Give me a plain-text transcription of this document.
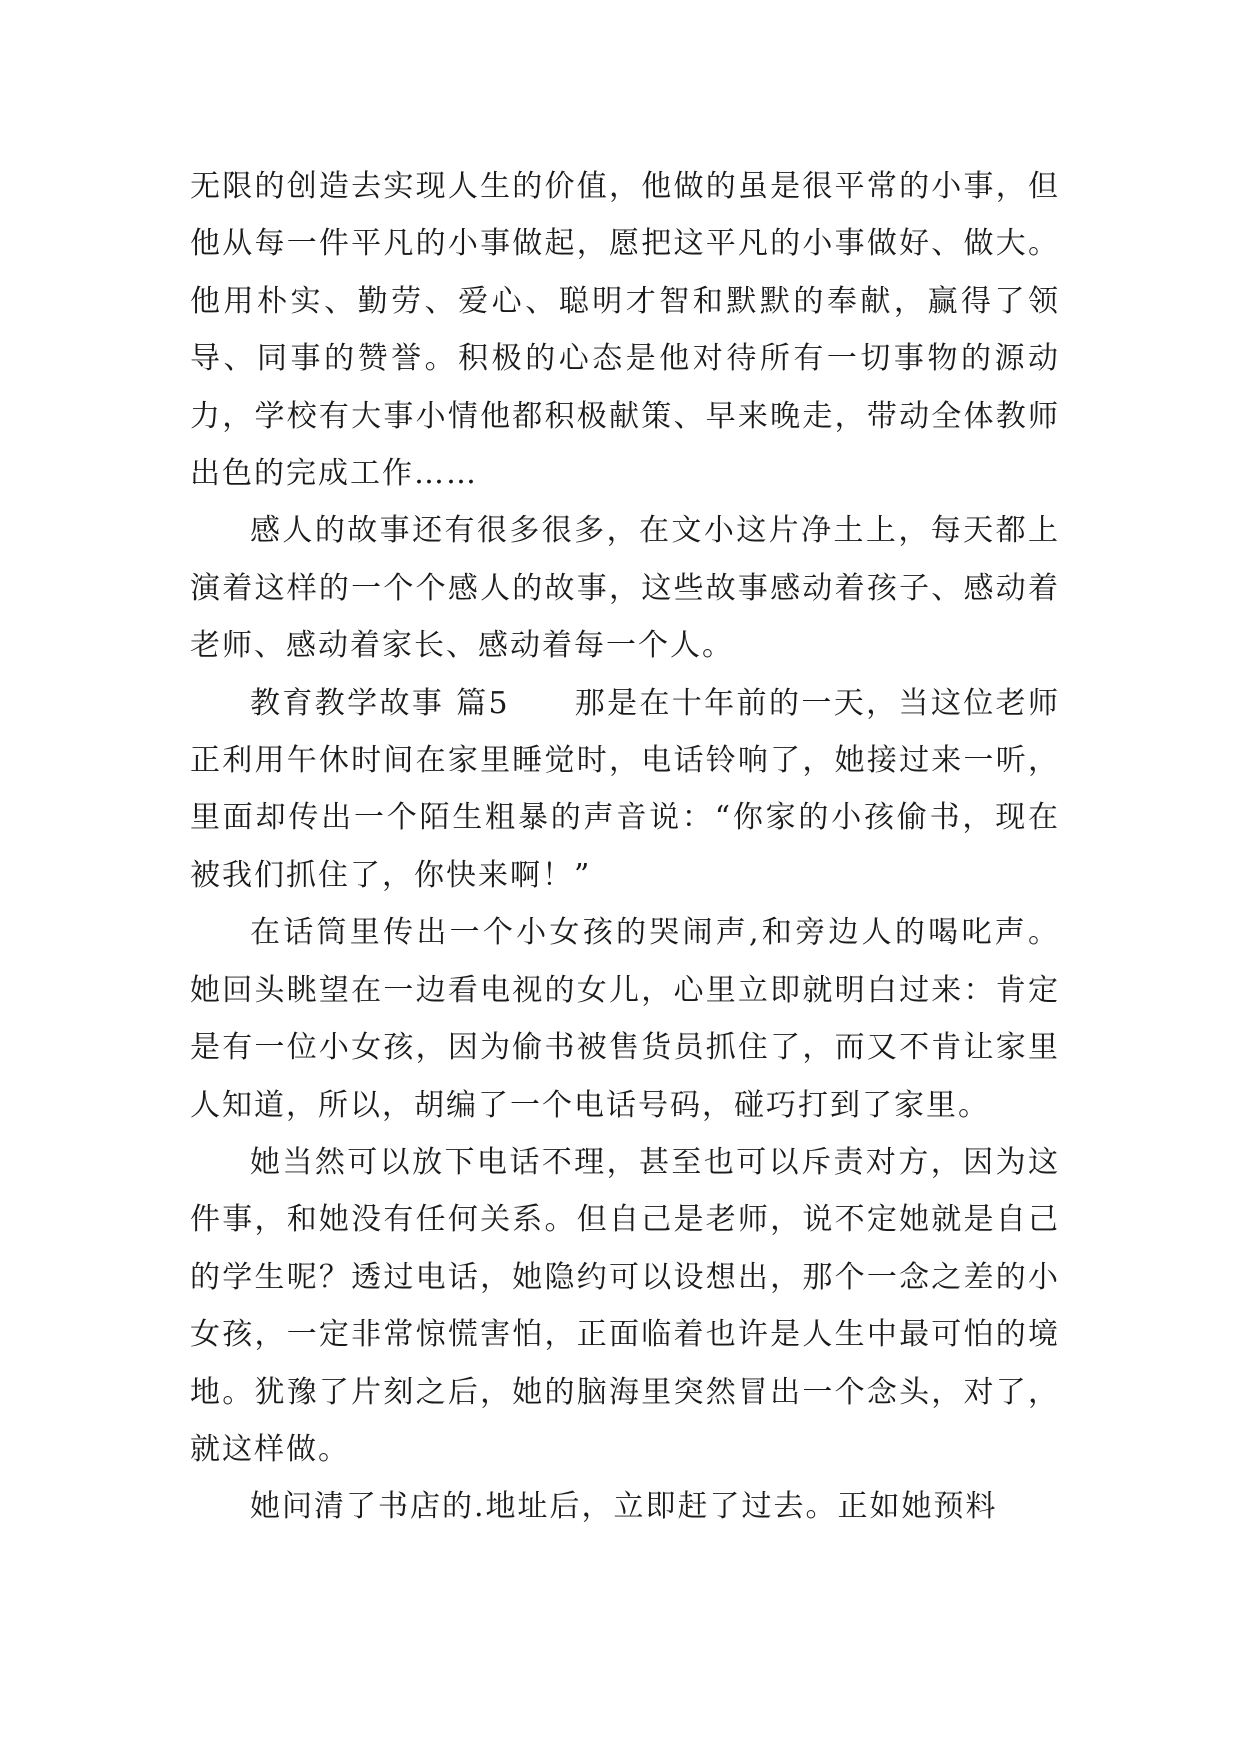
无限的创造去实现人生的价值，他做的虽是很平常的小事，但他从每一件平凡的小事做起，愿把这平凡的小事做好、做大。他用朴实、勤劳、爱心、聪明才智和默默的奉献，赢得了领导、同事的赞誉。积极的心态是他对待所有一切事物的源动力，学校有大事小情他都积极献策、早来晚走，带动全体教师出色的完成工作……

感人的故事还有很多很多，在文小这片净土上，每天都上演着这样的一个个感人的故事，这些故事感动着孩子、感动着老师、感动着家长、感动着每一个人。

教育教学故事 篇5　　那是在十年前的一天，当这位老师正利用午休时间在家里睡觉时，电话铃响了，她接过来一听，里面却传出一个陌生粗暴的声音说：“你家的小孩偷书，现在被我们抓住了，你快来啊！”

在话筒里传出一个小女孩的哭闹声,和旁边人的喝叱声。她回头眺望在一边看电视的女儿，心里立即就明白过来：肯定是有一位小女孩，因为偷书被售货员抓住了，而又不肯让家里人知道，所以，胡编了一个电话号码，碰巧打到了家里。

她当然可以放下电话不理，甚至也可以斥责对方，因为这件事，和她没有任何关系。但自己是老师，说不定她就是自己的学生呢？透过电话，她隐约可以设想出，那个一念之差的小女孩，一定非常惊慌害怕，正面临着也许是人生中最可怕的境地。犹豫了片刻之后，她的脑海里突然冒出一个念头，对了，就这样做。

她问清了书店的.地址后，立即赶了过去。正如她预料
